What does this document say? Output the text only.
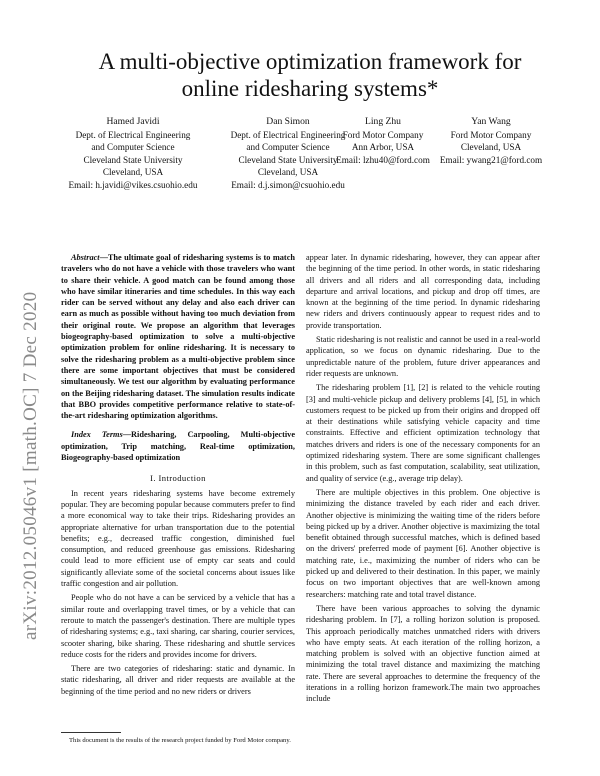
arXiv:2012.05046v1 [math.OC] 7 Dec 2020
A multi-objective optimization framework for
online ridesharing systems*
Hamed Javidi
Dept. of Electrical Engineering
and Computer Science
Cleveland State University
Cleveland, USA
Email: h.javidi@vikes.csuohio.edu
Dan Simon
Dept. of Electrical Engineering
and Computer Science
Cleveland State University
Cleveland, USA
Email: d.j.simon@csuohio.edu
Ling Zhu
Ford Motor Company
Ann Arbor, USA
Email: lzhu40@ford.com
Yan Wang
Ford Motor Company
Cleveland, USA
Email: ywang21@ford.com

Abstract—The ultimate goal of ridesharing systems is to match travelers who do not have a vehicle with those travelers who want to share their vehicle. A good match can be found among those who have similar itineraries and time schedules. In this way each rider can be served without any delay and also each driver can earn as much as possible without having too much deviation from their original route. We propose an algorithm that leverages biogeography-based optimization to solve a multi-objective optimization problem for online ridesharing. It is necessary to solve the ridesharing problem as a multi-objective problem since there are some important objectives that must be considered simultaneously. We test our algorithm by evaluating performance on the Beijing ridesharing dataset. The simulation results indicate that BBO provides competitive performance relative to state-of-the-art ridesharing optimization algorithms.

Index Terms—Ridesharing, Carpooling, Multi-objective optimization, Trip matching, Real-time optimization, Biogeography-based optimization

I. Introduction

In recent years ridesharing systems have become extremely popular. They are becoming popular because commuters prefer to find a more economical way to take their trips. Ridesharing provides an appropriate alternative for urban transportation due to the potential benefits; e.g., decreased traffic congestion, diminished fuel consumption, and reduced greenhouse gas emissions. Ridesharing could lead to more efficient use of empty car seats and could significantly alleviate some of the societal concerns about issues like traffic congestion and air pollution.

People who do not have a can be serviced by a vehicle that has a similar route and overlapping travel times, or by a vehicle that can reroute to match the passenger's destination. There are multiple types of ridesharing systems; e.g., taxi sharing, car sharing, courier services, scooter sharing, bike sharing. These ridesharing and shuttle services reduce costs for the riders and provides income for drivers.

There are two categories of ridesharing: static and dynamic. In static ridesharing, all driver and rider requests are available at the beginning of the time period and no new riders or drivers

This document is the results of the research project funded by Ford Motor company.

appear later. In dynamic ridesharing, however, they can appear after the beginning of the time period. In other words, in static ridesharing all drivers and all riders and all corresponding data, including departure and arrival locations, and pickup and drop off times, are known at the beginning of the time period. In dynamic ridesharing new riders and drivers continuously appear to request rides and to provide transportation.

Static ridesharing is not realistic and cannot be used in a real-world application, so we focus on dynamic ridesharing. Due to the unpredictable nature of the problem, future driver appearances and rider requests are unknown.

The ridesharing problem [1], [2] is related to the vehicle routing [3] and multi-vehicle pickup and delivery problems [4], [5], in which customers request to be picked up from their origins and dropped off at their destinations while satisfying vehicle capacity and time constraints. Effective and efficient optimization technology that matches drivers and riders is one of the necessary components for an optimized ridesharing system. There are some significant challenges in this problem, such as fast computation, scalability, seat utilization, and quality of service (e.g., average trip delay).

There are multiple objectives in this problem. One objective is minimizing the distance traveled by each rider and each driver. Another objective is minimizing the waiting time of the riders before being picked up by a driver. Another objective is maximizing the total benefit obtained through successful matches, which is defined based on the drivers' preferred mode of payment [6]. Another objective is matching rate, i.e., maximizing the number of riders who can be picked up and delivered to their destination. In this paper, we mainly focus on two important objectives that are well-known among researchers: matching rate and total travel distance.

There have been various approaches to solving the dynamic ridesharing problem. In [7], a rolling horizon solution is proposed. This approach periodically matches unmatched riders with drivers who have empty seats. At each iteration of the rolling horizon, a matching problem is solved with an objective function aimed at minimizing the total travel distance and maximizing the matching rate. There are several approaches to determine the frequency of the iterations in a rolling horizon framework.The main two approaches include
